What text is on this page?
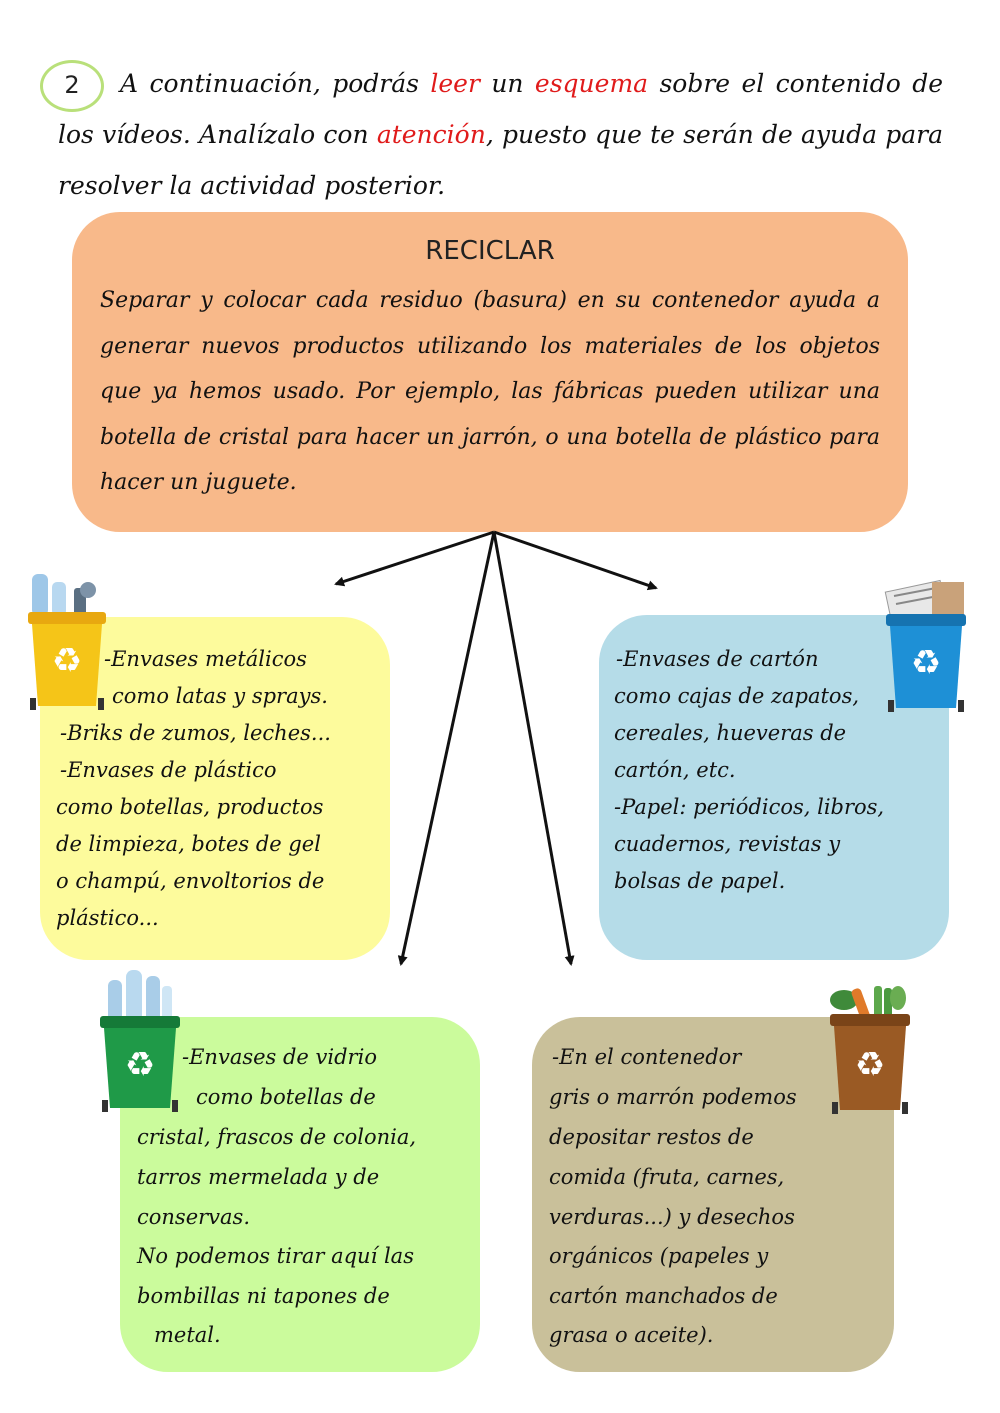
2	A continuación, podrás leer un esquema sobre el contenido de los vídeos. Analízalo con atención, puesto que te serán de ayuda para resolver la actividad posterior.
RECICLAR
Separar y colocar cada residuo (basura) en su contenedor ayuda a generar nuevos productos utilizando los materiales de los objetos que ya hemos usado. Por ejemplo, las fábricas pueden utilizar una botella de cristal para hacer un jarrón, o una botella de plástico para hacer un juguete.
-Envases metálicos
como latas y sprays.
-Briks de zumos, leches...
-Envases de plástico
como botellas, productos
de limpieza, botes de gel
o champú, envoltorios de
plástico...
♻	-Envases de cartón
como cajas de zapatos,
cereales, hueveras de
cartón, etc.
-Papel: periódicos, libros,
cuadernos, revistas y
bolsas de papel.
♻
-Envases de vidrio
como botellas de
cristal, frascos de colonia,
tarros mermelada y de
conservas.
No podemos tirar aquí las
bombillas ni tapones de
metal.
♻	-En el contenedor
gris o marrón podemos
depositar restos de
comida (fruta, carnes,
verduras...) y desechos
orgánicos (papeles y
cartón manchados de
grasa o aceite).
♻
